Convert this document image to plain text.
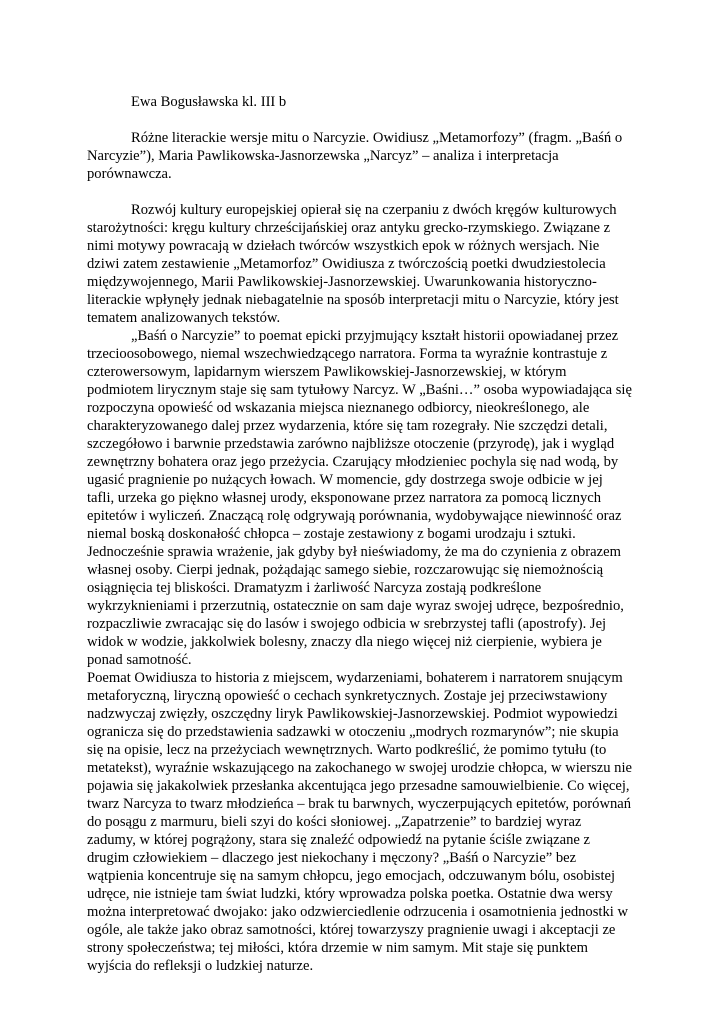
Ewa Bogusławska kl. III b

Różne literackie wersje mitu o Narcyzie. Owidiusz „Metamorfozy” (fragm. „Baśń o Narcyzie”), Maria Pawlikowska-Jasnorzewska „Narcyz” – analiza i interpretacja porównawcza.

Rozwój kultury europejskiej opierał się na czerpaniu z dwóch kręgów kulturowych starożytności: kręgu kultury chrześcijańskiej oraz antyku grecko-rzymskiego. Związane z nimi motywy powracają w dziełach twórców wszystkich epok w różnych wersjach. Nie dziwi zatem zestawienie „Metamorfoz” Owidiusza z twórczością poetki dwudziestolecia międzywojennego, Marii Pawlikowskiej-Jasnorzewskiej. Uwarunkowania historyczno-literackie wpłynęły jednak niebagatelnie na sposób interpretacji mitu o Narcyzie, który jest tematem analizowanych tekstów.

„Baśń o Narcyzie” to poemat epicki przyjmujący kształt historii opowiadanej przez trzecioosobowego, niemal wszechwiedzącego narratora. Forma ta wyraźnie kontrastuje z czterowersowym, lapidarnym wierszem Pawlikowskiej-Jasnorzewskiej, w którym podmiotem lirycznym staje się sam tytułowy Narcyz. W „Baśni…” osoba wypowiadająca się rozpoczyna opowieść od wskazania miejsca nieznanego odbiorcy, nieokreślonego, ale charakteryzowanego dalej przez wydarzenia, które się tam rozegrały. Nie szczędzi detali, szczegółowo i barwnie przedstawia zarówno najbliższe otoczenie (przyrodę), jak i wygląd zewnętrzny bohatera oraz jego przeżycia. Czarujący młodzieniec pochyla się nad wodą, by ugasić pragnienie po nużących łowach. W momencie, gdy dostrzega swoje odbicie w jej tafli, urzeka go piękno własnej urody, eksponowane przez narratora za pomocą licznych epitetów i wyliczeń. Znaczącą rolę odgrywają porównania, wydobywające niewinność oraz niemal boską doskonałość chłopca – zostaje zestawiony z bogami urodzaju i sztuki. Jednocześnie sprawia wrażenie, jak gdyby był nieświadomy, że ma do czynienia z obrazem własnej osoby. Cierpi jednak, pożądając samego siebie, rozczarowując się niemożnością osiągnięcia tej bliskości. Dramatyzm i żarliwość Narcyza zostają podkreślone wykrzyknieniami i przerzutnią, ostatecznie on sam daje wyraz swojej udręce, bezpośrednio, rozpaczliwie zwracając się do lasów i swojego odbicia w srebrzystej tafli (apostrofy). Jej widok w wodzie, jakkolwiek bolesny, znaczy dla niego więcej niż cierpienie, wybiera je ponad samotność.

Poemat Owidiusza to historia z miejscem, wydarzeniami, bohaterem i narratorem snującym metaforyczną, liryczną opowieść o cechach synkretycznych. Zostaje jej przeciwstawiony nadzwyczaj zwięzły, oszczędny liryk Pawlikowskiej-Jasnorzewskiej. Podmiot wypowiedzi ogranicza się do przedstawienia sadzawki w otoczeniu „modrych rozmarynów”; nie skupia się na opisie, lecz na przeżyciach wewnętrznych. Warto podkreślić, że pomimo tytułu (to metatekst), wyraźnie wskazującego na zakochanego w swojej urodzie chłopca, w wierszu nie pojawia się jakakolwiek przesłanka akcentująca jego przesadne samouwielbienie. Co więcej, twarz Narcyza to twarz młodzieńca – brak tu barwnych, wyczerpujących epitetów, porównań do posągu z marmuru, bieli szyi do kości słoniowej. „Zapatrzenie” to bardziej wyraz zadumy, w której pogrążony, stara się znaleźć odpowiedź na pytanie ściśle związane z drugim człowiekiem – dlaczego jest niekochany i męczony? „Baśń o Narcyzie” bez wątpienia koncentruje się na samym chłopcu, jego emocjach, odczuwanym bólu, osobistej udręce, nie istnieje tam świat ludzki, który wprowadza polska poetka. Ostatnie dwa wersy można interpretować dwojako: jako odzwierciedlenie odrzucenia i osamotnienia jednostki w ogóle, ale także jako obraz samotności, której towarzyszy pragnienie uwagi i akceptacji ze strony społeczeństwa; tej miłości, która drzemie w nim samym. Mit staje się punktem wyjścia do refleksji o ludzkiej naturze.
